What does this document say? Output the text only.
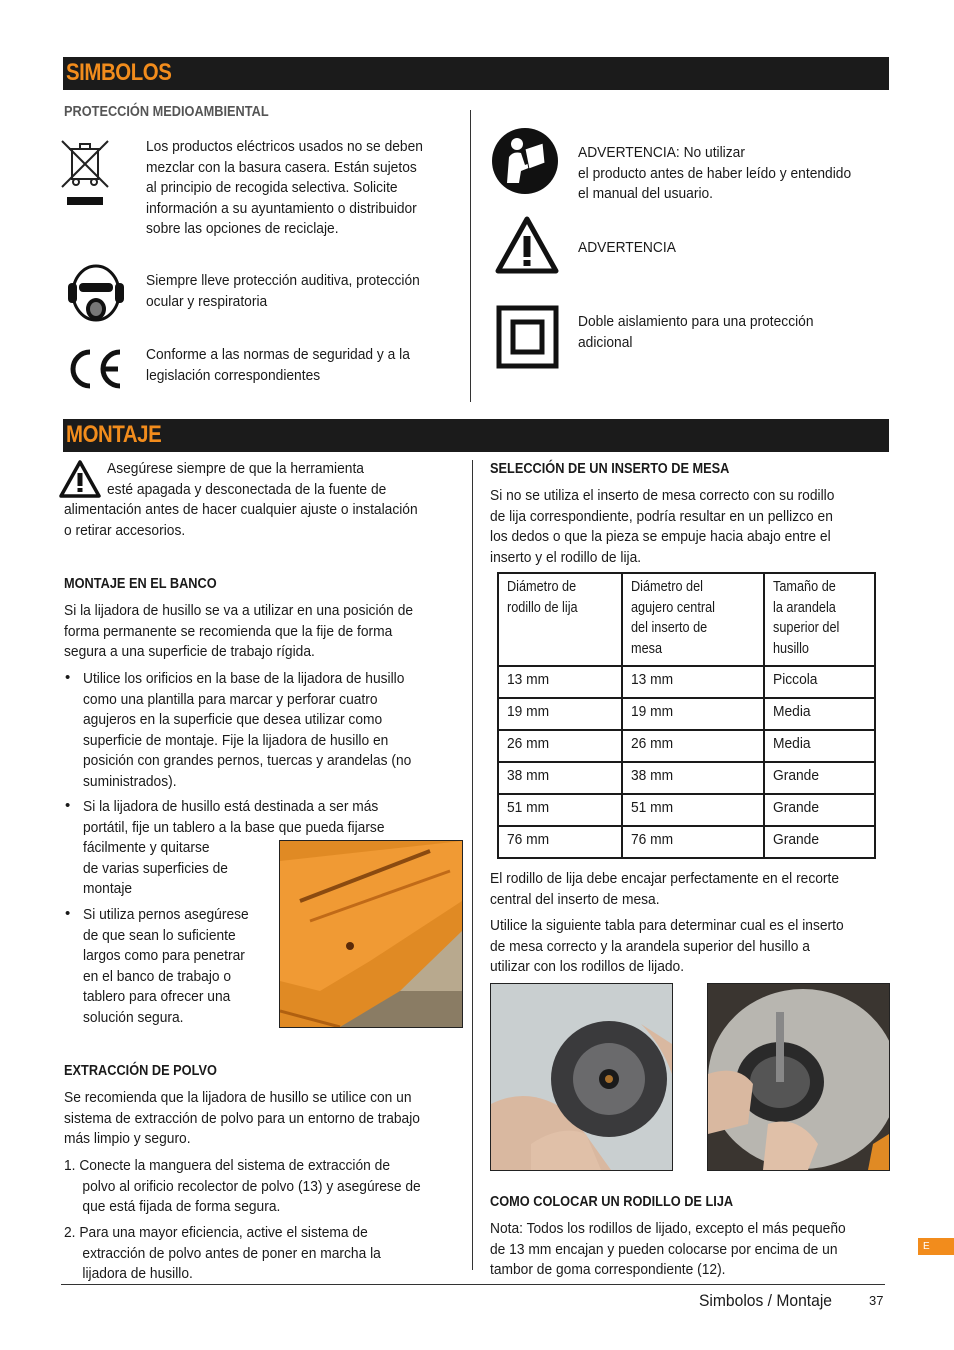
SIMBOLOS
PROTECCIÓN MEDIOAMBIENTAL
Los productos eléctricos usados no se deben
mezclar con la basura casera. Están sujetos
al principio de recogida selectiva. Solicite
información a su ayuntamiento o distribuidor
sobre las opciones de reciclaje.
Siempre lleve protección auditiva, protección
ocular y respiratoria
Conforme a las normas de seguridad y a la
legislación correspondientes
ADVERTENCIA: No utilizar
el producto antes de haber leído y entendido
el manual del usuario.
ADVERTENCIA
Doble aislamiento para una protección
adicional
MONTAJE
Asegúrese siempre de que la herramienta
esté apagada y desconectada de la fuente de
alimentación antes de hacer cualquier ajuste o instalación
o retirar accesorios.
MONTAJE EN EL BANCO
Si la lijadora de husillo se va a utilizar en una posición de
forma permanente se recomienda que la fije de forma
segura a una superficie de trabajo rígida.
• Utilice los orificios en la base de la lijadora de husillo
como una plantilla para marcar y perforar cuatro
agujeros en la superficie que desea utilizar como
superficie de montaje. Fije la lijadora de husillo en
posición con grandes pernos, tuercas y arandelas (no
suministrados).
• Si la lijadora de husillo está destinada a ser más
portátil, fije un tablero a la base que pueda fijarse
fácilmente y quitarse
de varias superficies de
montaje
• Si utiliza pernos asegúrese
de que sean lo suficiente
largos como para penetrar
en el banco de trabajo o
tablero para ofrecer una
solución segura.
EXTRACCIÓN DE POLVO
Se recomienda que la lijadora de husillo se utilice con un
sistema de extracción de polvo para un entorno de trabajo
más limpio y seguro.
1. Conecte la manguera del sistema de extracción de
polvo al orificio recolector de polvo (13) y asegúrese de
que está fijada de forma segura.
2. Para una mayor eficiencia, active el sistema de
extracción de polvo antes de poner en marcha la
lijadora de husillo.
SELECCIÓN DE UN INSERTO DE MESA
Si no se utiliza el inserto de mesa correcto con su rodillo
de lija correspondiente, podría resultar en un pellizco en
los dedos o que la pieza se empuje hacia abajo entre el
inserto y el rodillo de lija.
Diámetro de
rodillo de lija	Diámetro del
agujero central
del inserto de
mesa	Tamaño de
la arandela
superior del
husillo
13 mm	13 mm	Piccola
19 mm	19 mm	Media
26 mm	26 mm	Media
38 mm	38 mm	Grande
51 mm	51 mm	Grande
76 mm	76 mm	Grande
El rodillo de lija debe encajar perfectamente en el recorte
central del inserto de mesa.
Utilice la siguiente tabla para determinar cual es el inserto
de mesa correcto y la arandela superior del husillo a
utilizar con los rodillos de lijado.
COMO COLOCAR UN RODILLO DE LIJA
Nota: Todos los rodillos de lijado, excepto el más pequeño
de 13 mm encajan y pueden colocarse por encima de un
tambor de goma correspondiente (12).
Simbolos / Montaje	37
E
